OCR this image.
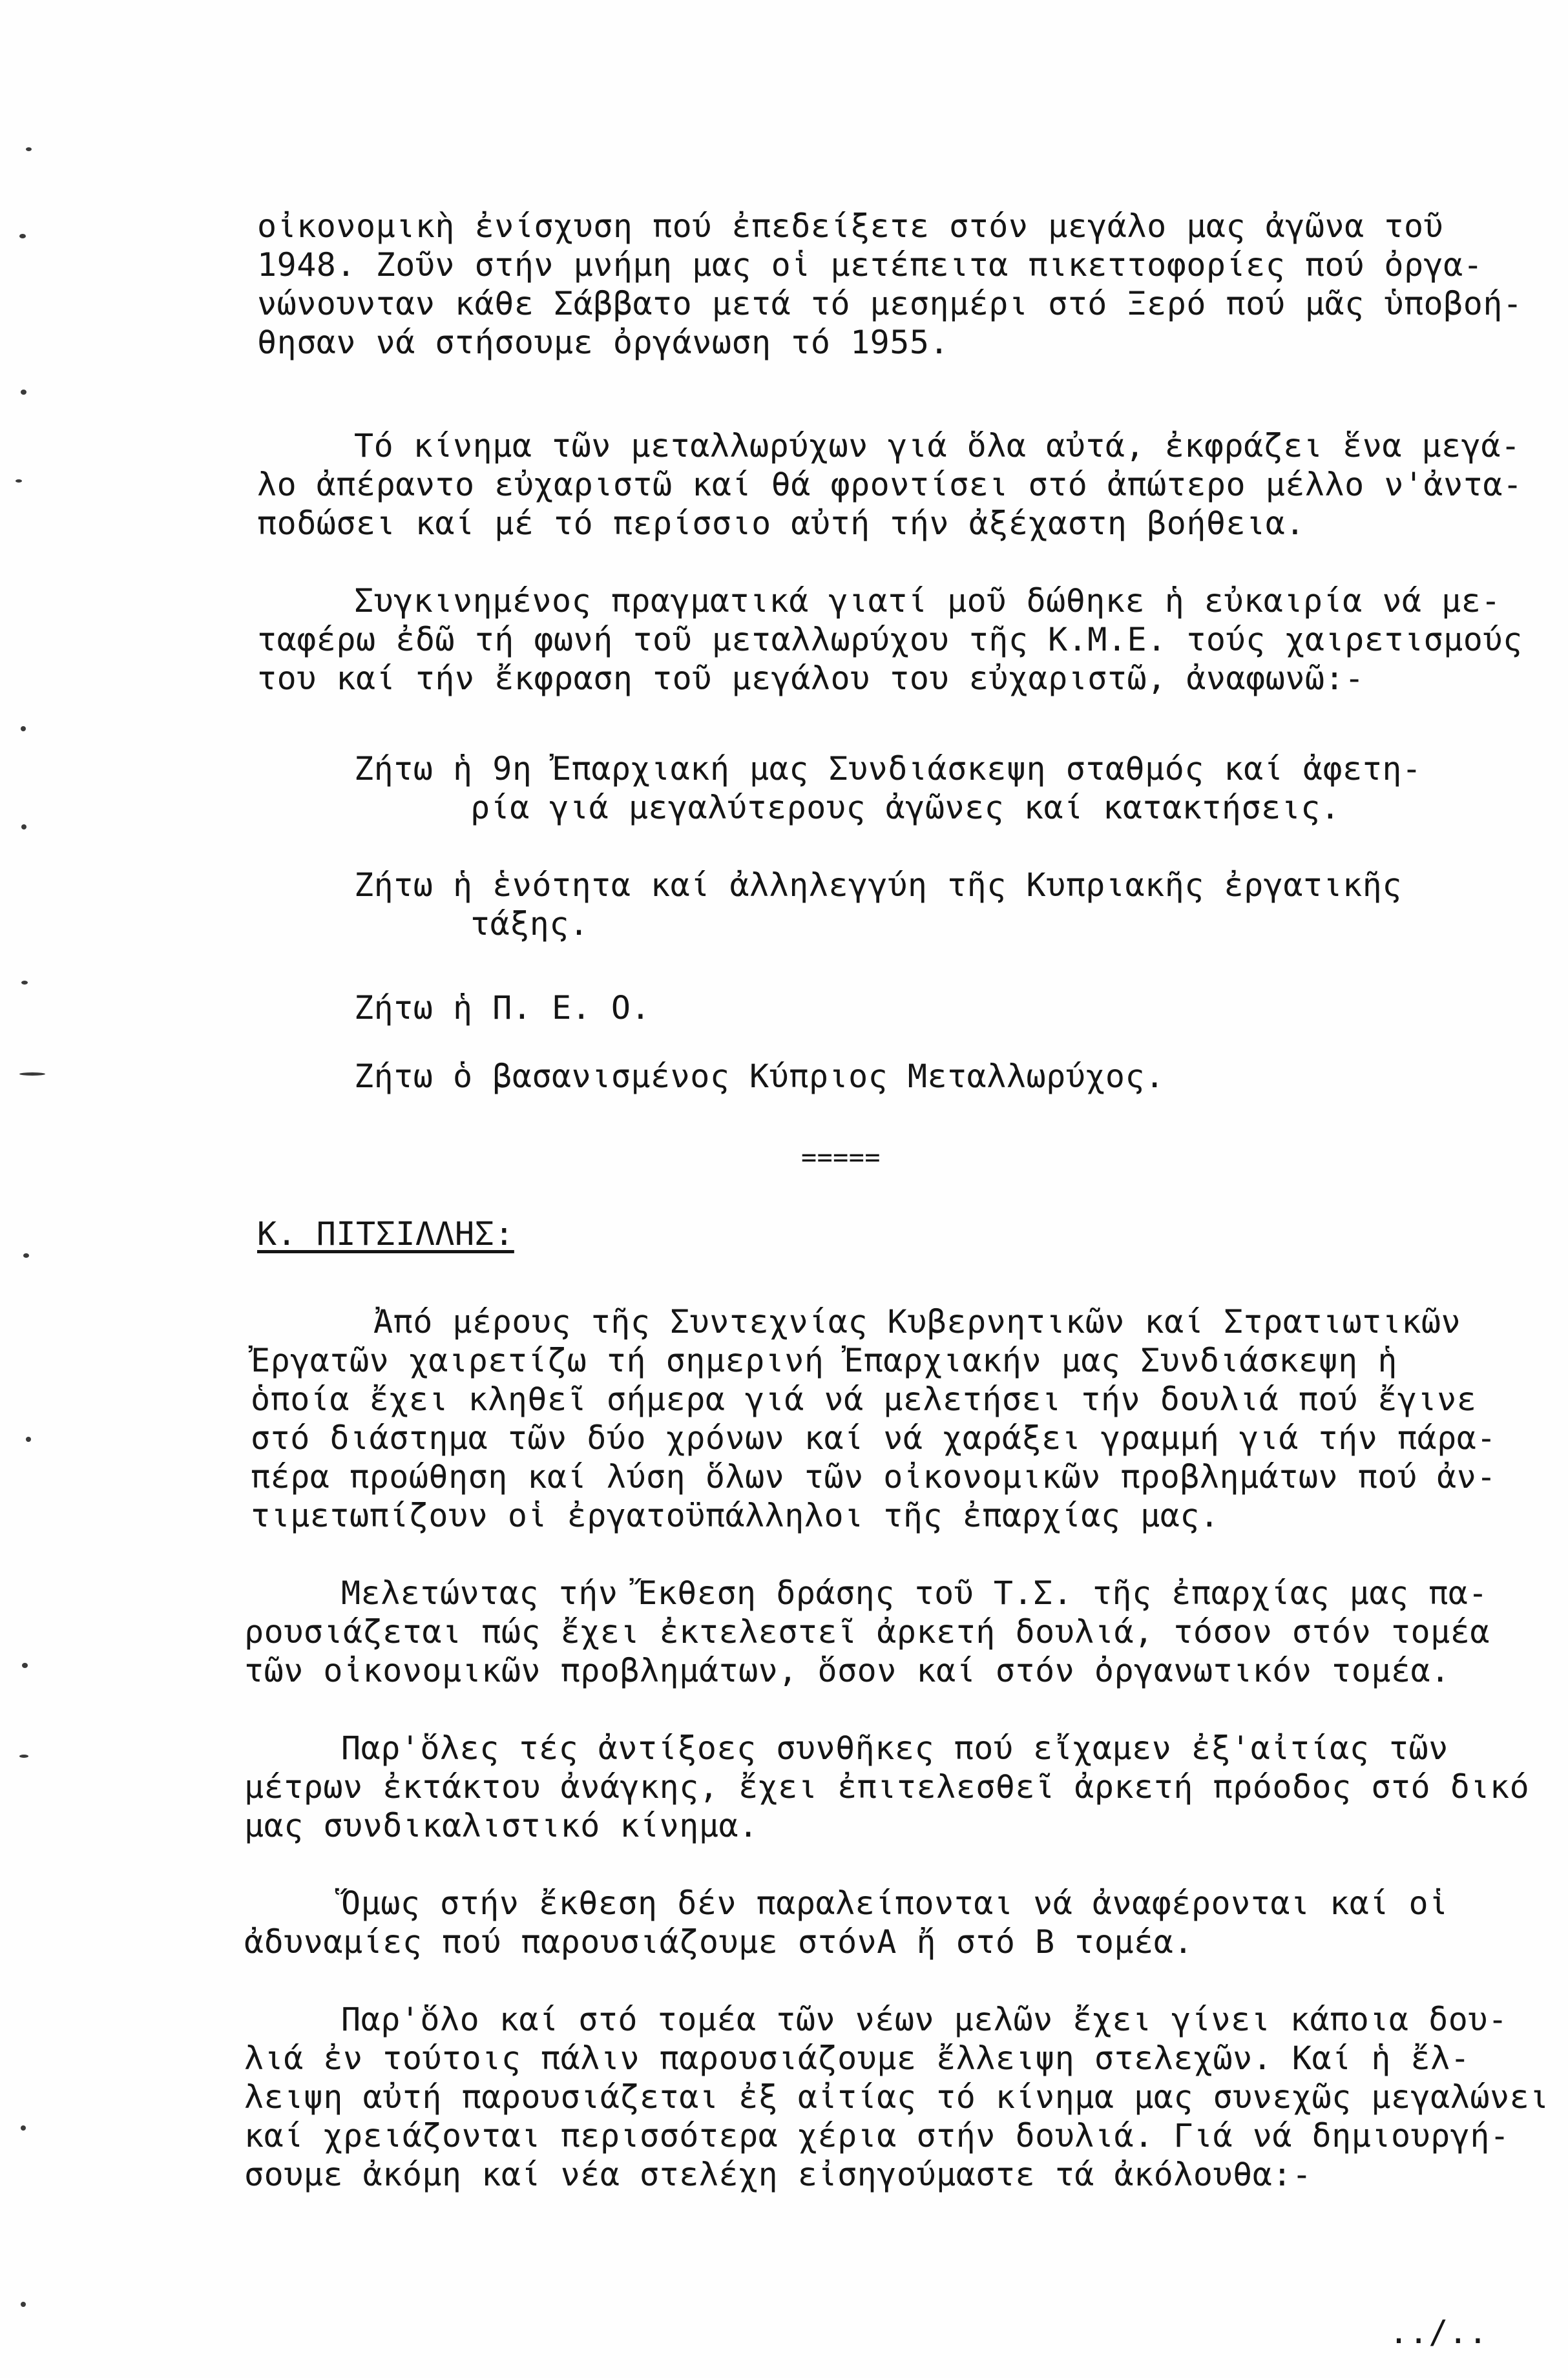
οἰκονομικὴ ἐνίσχυση πού ἐπεδείξετε στόν μεγάλο μας ἀγῶνα τοῦ
1948. Ζοῦν στήν μνήμη μας οἱ μετέπειτα πικεττοφορίες πού ὀργα-
νώνουνταν κάθε Σάββατο μετά τό μεσημέρι στό Ξερό πού μᾶς ὑποβοή-
θησαν νά στήσουμε ὀργάνωση τό 1955.
Τό κίνημα τῶν μεταλλωρύχων γιά ὅλα αὐτά, ἐκφράζει ἕνα μεγά-
λο ἀπέραντο εὐχαριστῶ καί θά φροντίσει στό ἀπώτερο μέλλο ν'ἀντα-
ποδώσει καί μέ τό περίσσιο αὐτή τήν ἀξέχαστη βοήθεια.
Συγκινημένος πραγματικά γιατί μοῦ δώθηκε ἡ εὐκαιρία νά με-
ταφέρω ἐδῶ τή φωνή τοῦ μεταλλωρύχου τῆς Κ.Μ.Ε. τούς χαιρετισμούς
του καί τήν ἔκφραση τοῦ μεγάλου του εὐχαριστῶ, ἀναφωνῶ:-
Ζήτω ἡ 9η Ἐπαρχιακή μας Συνδιάσκεψη σταθμός καί ἀφετη-
ρία γιά μεγαλύτερους ἀγῶνες καί κατακτήσεις.
Ζήτω ἡ ἑνότητα καί ἀλληλεγγύη τῆς Κυπριακῆς ἐργατικῆς
τάξης.
Ζήτω ἡ Π. Ε. Ο.
Ζήτω ὁ βασανισμένος Κύπριος Μεταλλωρύχος.
=====
Κ. ΠΙΤΣΙΛΛΗΣ:
Ἀπό μέρους τῆς Συντεχνίας Κυβερνητικῶν καί Στρατιωτικῶν
Ἐργατῶν χαιρετίζω τή σημερινή Ἐπαρχιακήν μας Συνδιάσκεψη ἡ
ὁποία ἔχει κληθεῖ σήμερα γιά νά μελετήσει τήν δουλιά πού ἔγινε
στό διάστημα τῶν δύο χρόνων καί νά χαράξει γραμμή γιά τήν πάρα-
πέρα προώθηση καί λύση ὅλων τῶν οἰκονομικῶν προβλημάτων πού ἀν-
τιμετωπίζουν οἱ ἐργατοϋπάλληλοι τῆς ἐπαρχίας μας.
Μελετώντας τήν Ἔκθεση δράσης τοῦ Τ.Σ. τῆς ἐπαρχίας μας πα-
ρουσιάζεται πώς ἔχει ἐκτελεστεῖ ἀρκετή δουλιά, τόσον στόν τομέα
τῶν οἰκονομικῶν προβλημάτων, ὅσον καί στόν ὀργανωτικόν τομέα.
Παρ'ὅλες τές ἀντίξοες συνθῆκες πού εἴχαμεν ἐξ'αἰτίας τῶν
μέτρων ἐκτάκτου ἀνάγκης, ἔχει ἐπιτελεσθεῖ ἀρκετή πρόοδος στό δικό
μας συνδικαλιστικό κίνημα.
Ὅμως στήν ἔκθεση δέν παραλείπονται νά ἀναφέρονται καί οἱ
ἀδυναμίες πού παρουσιάζουμε στόνΑ ἤ στό Β τομέα.
Παρ'ὅλο καί στό τομέα τῶν νέων μελῶν ἔχει γίνει κάποια δου-
λιά ἐν τούτοις πάλιν παρουσιάζουμε ἔλλειψη στελεχῶν. Καί ἡ ἔλ-
λειψη αὐτή παρουσιάζεται ἐξ αἰτίας τό κίνημα μας συνεχῶς μεγαλώνει
καί χρειάζονται περισσότερα χέρια στήν δουλιά. Γιά νά δημιουργή-
σουμε ἀκόμη καί νέα στελέχη εἰσηγούμαστε τά ἀκόλουθα:-
../..
